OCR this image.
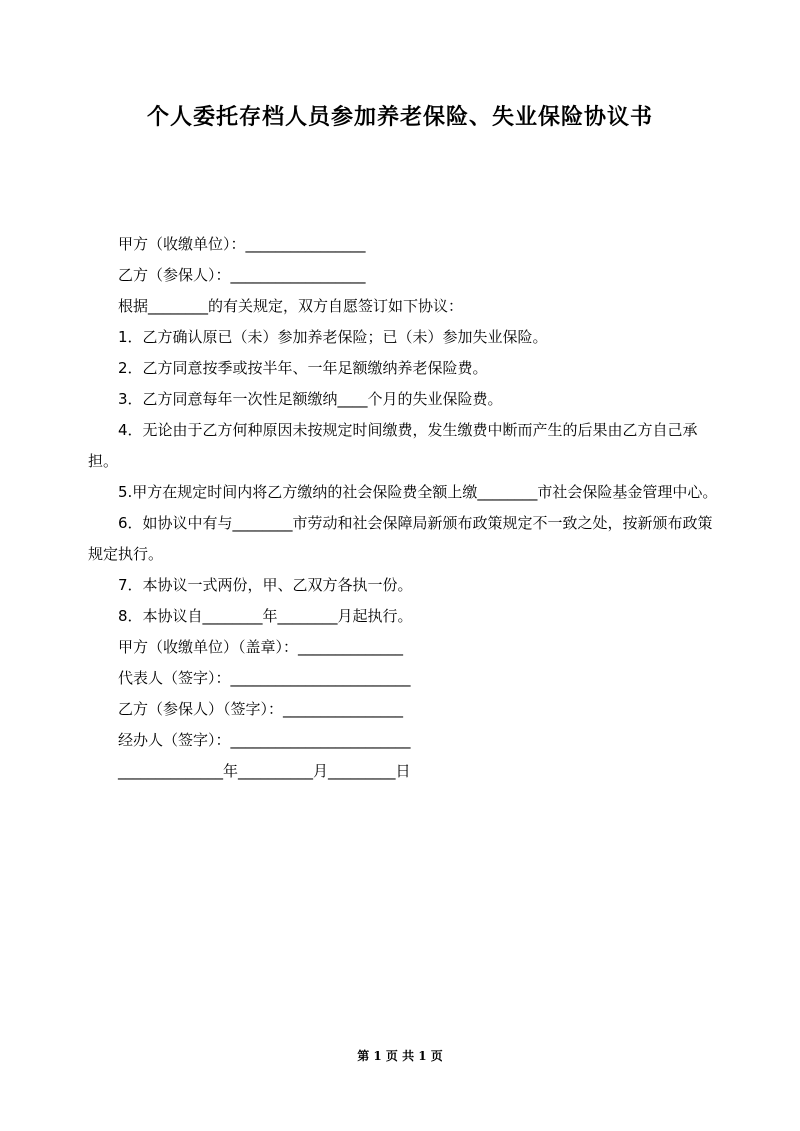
个人委托存档人员参加养老保险、失业保险协议书

甲方（收缴单位）：________________

乙方（参保人）：__________________

根据________的有关规定，双方自愿签订如下协议：

1．乙方确认原已（未）参加养老保险；已（未）参加失业保险。

2．乙方同意按季或按半年、一年足额缴纳养老保险费。

3．乙方同意每年一次性足额缴纳____个月的失业保险费。

4．无论由于乙方何种原因未按规定时间缴费，发生缴费中断而产生的后果由乙方自己承担。

5.甲方在规定时间内将乙方缴纳的社会保险费全额上缴________市社会保险基金管理中心。

6．如协议中有与________市劳动和社会保障局新颁布政策规定不一致之处，按新颁布政策规定执行。

7．本协议一式两份，甲、乙双方各执一份。

8．本协议自________年________月起执行。

甲方（收缴单位）（盖章）：______________

代表人（签字）：________________________

乙方（参保人）（签字）：________________

经办人（签字）：________________________

______________年__________月_________日

第 1 页 共 1 页
